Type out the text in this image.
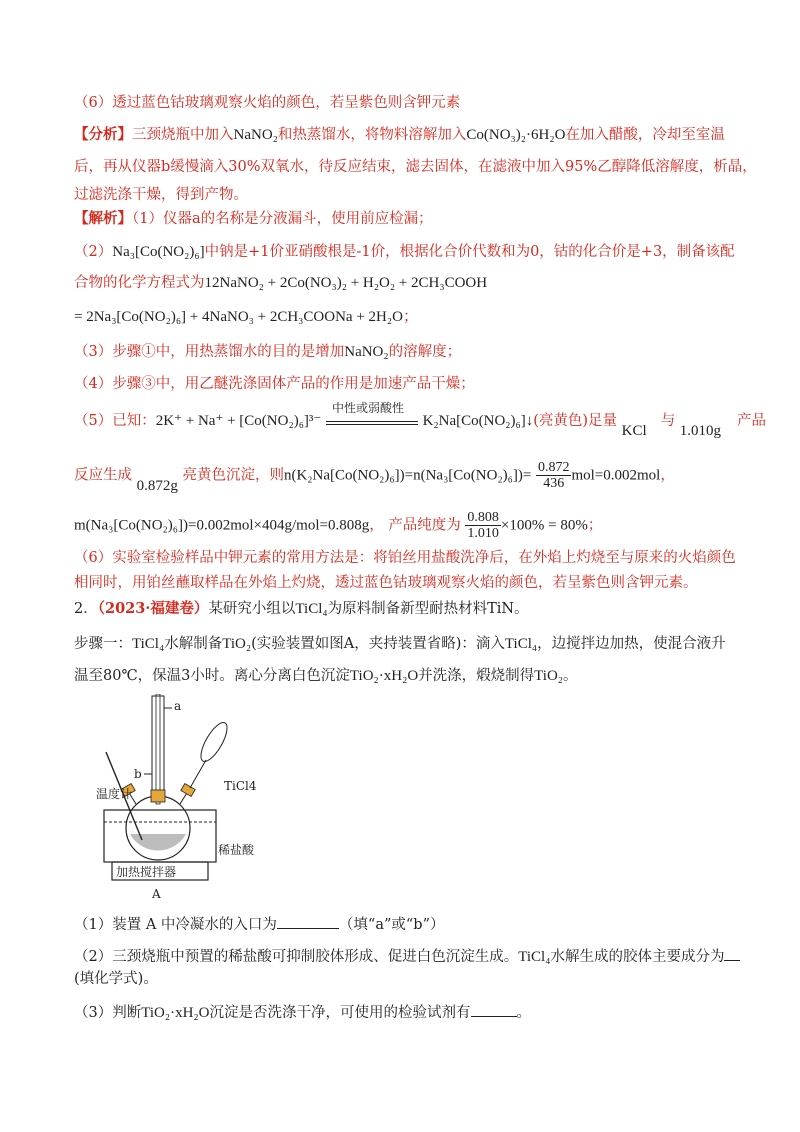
（6）透过蓝色钴玻璃观察火焰的颜色，若呈紫色则含钾元素
【分析】三颈烧瓶中加入NaNO₂和热蒸馏水，将物料溶解加入Co(NO₃)₂·6H₂O在加入醋酸，冷却至室温
后，再从仪器b缓慢滴入30%双氧水，待反应结束，滤去固体，在滤液中加入95%乙醇降低溶解度，析晶，
过滤洗涤干燥，得到产物。
【解析】（1）仪器a的名称是分液漏斗，使用前应检漏；
（2）Na₃[Co(NO₂)₆]中钠是+1价亚硝酸根是-1价，根据化合价代数和为0，钴的化合价是+3，制备该配
合物的化学方程式为12NaNO₂ + 2Co(NO₃)₂ + H₂O₂ + 2CH₃COOH
= 2Na₃[Co(NO₂)₆] + 4NaNO₃ + 2CH₃COONa + 2H₂O；
（3）步骤①中，用热蒸馏水的目的是增加NaNO₂的溶解度；
（4）步骤③中，用乙醚洗涤固体产品的作用是加速产品干燥；
（5）已知：2K⁺ + Na⁺ + [Co(NO₂)₆]³⁻
中性或弱酸性
K₂Na[Co(NO₂)₆]↓(亮黄色)足量 KCl与 1.010g产品
反应生成 0.872g 亮黄色沉淀，则$n(K_2Na[Co(NO_2)_6])=n(Na_3[Co(NO_2)_6])= \frac{0.872}{436} mol=0.002mol$，
m(Na₃[Co(NO₂)₆])=0.002mol×404g/mol=0.808g， 产品纯度为 $\frac{0.808}{1.010} \times 100\% = 80\%$；
（6）实验室检验样品中钾元素的常用方法是：将铂丝用盐酸洗净后，在外焰上灼烧至与原来的火焰颜色
相同时，用铂丝蘸取样品在外焰上灼烧，透过蓝色钴玻璃观察火焰的颜色，若呈紫色则含钾元素。
2．（2023·福建卷）某研究小组以TiCl₄为原料制备新型耐热材料TiN。
步骤一：TiCl₄水解制备TiO₂(实验装置如图A，夹持装置省略)：滴入TiCl₄，边搅拌边加热，使混合液升
温至80℃，保温3小时。离心分离白色沉淀TiO₂·xH₂O并洗涤，煅烧制得TiO₂。
加热搅拌器
a
b
TiCl4
温度计
稀盐酸
A
（1）装置 A 中冷凝水的入口为	（填“a”或“b”）
（2）三颈烧瓶中预置的稀盐酸可抑制胶体形成、促进白色沉淀生成。TiCl₄水解生成的胶体主要成分为
(填化学式)。
（3）判断TiO₂·xH₂O沉淀是否洗涤干净，可使用的检验试剂有	。
